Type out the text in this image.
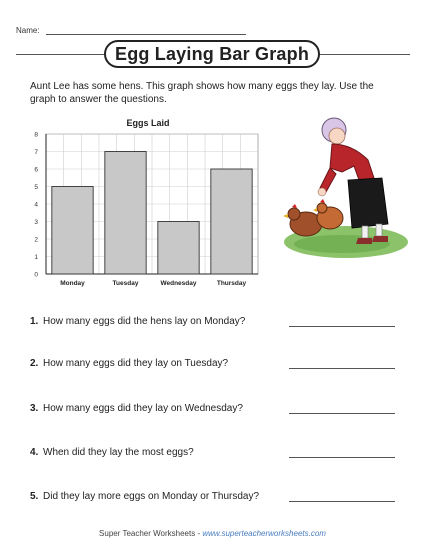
Name:
Egg Laying Bar Graph
Aunt Lee has some hens. This graph shows how many eggs they lay. Use the graph to answer the questions.
Eggs Laid
0
1
2
3
4
5
6
7
8
Monday	Tuesday	Wednesday	Thursday
1. How many eggs did the hens lay on Monday?
2. How many eggs did they lay on Tuesday?
3. How many eggs did they lay on Wednesday?
4. When did they lay the most eggs?
5. Did they lay more eggs on Monday or Thursday?
Super Teacher Worksheets - www.superteacherworksheets.com
